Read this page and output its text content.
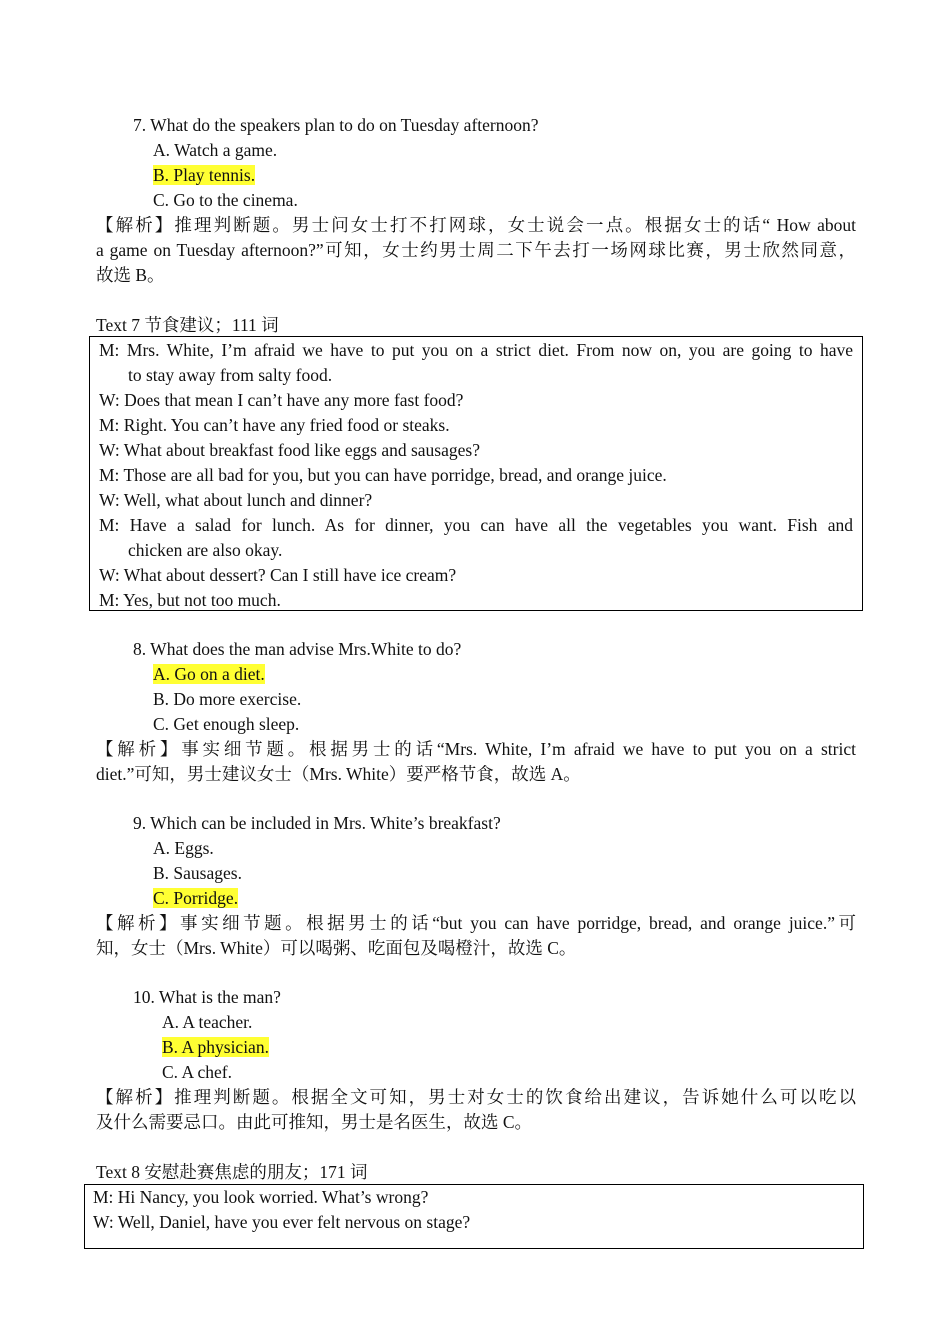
7. What do the speakers plan to do on Tuesday afternoon?
A. Watch a game.
B. Play tennis.
C. Go to the cinema.
【解析】推理判断题。男士问女士打不打网球，女士说会一点。根据女士的话“ How about
a game on Tuesday afternoon?”可知，女士约男士周二下午去打一场网球比赛，男士欣然同意，
故选 B。
Text 7 节食建议；111 词
M: Mrs. White, I’m afraid we have to put you on a strict diet. From now on, you are going to have
to stay away from salty food.
W: Does that mean I can’t have any more fast food?
M: Right. You can’t have any fried food or steaks.
W: What about breakfast food like eggs and sausages?
M: Those are all bad for you, but you can have porridge, bread, and orange juice.
W: Well, what about lunch and dinner?
M: Have a salad for lunch. As for dinner, you can have all the vegetables you want. Fish and
chicken are also okay.
W: What about dessert? Can I still have ice cream?
M: Yes, but not too much.
8. What does the man advise Mrs.White to do?
A. Go on a diet.
B. Do more exercise.
C. Get enough sleep.
【解析】事实细节题。根据男士的话“Mrs. White, I’m afraid we have to put you on a strict
diet.”可知，男士建议女士（Mrs. White）要严格节食，故选 A。
9. Which can be included in Mrs. White’s breakfast?
A. Eggs.
B. Sausages.
C. Porridge.
【解析】事实细节题。根据男士的话“but you can have porridge, bread, and orange juice.”可
知，女士（Mrs. White）可以喝粥、吃面包及喝橙汁，故选 C。
10. What is the man?
A. A teacher.
B. A physician.
C. A chef.
【解析】推理判断题。根据全文可知，男士对女士的饮食给出建议，告诉她什么可以吃以
及什么需要忌口。由此可推知，男士是名医生，故选 C。
Text 8 安慰赴赛焦虑的朋友；171 词
M: Hi Nancy, you look worried. What’s wrong?
W: Well, Daniel, have you ever felt nervous on stage?
